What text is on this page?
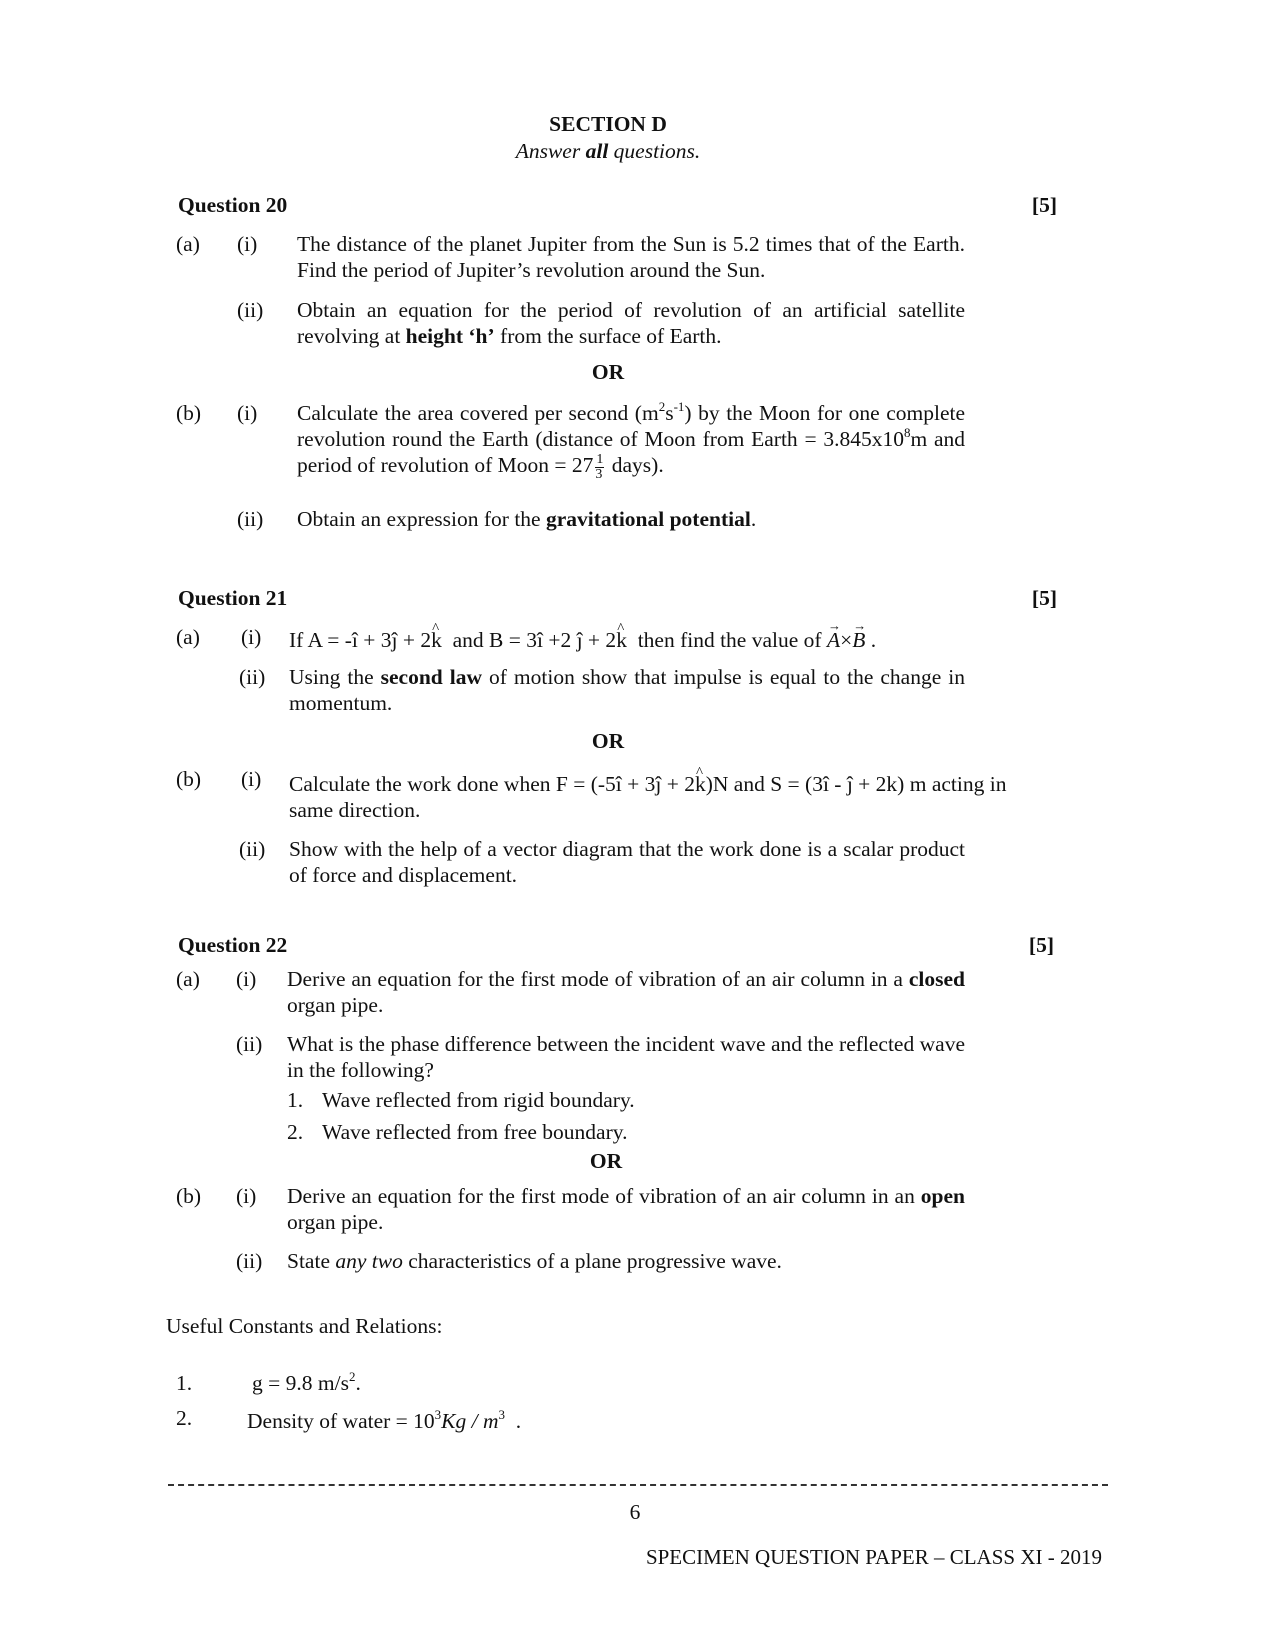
SECTION D
Answer all questions.
Question 20	[5]
(a) (i) The distance of the planet Jupiter from the Sun is 5.2 times that of the Earth. Find the period of Jupiter’s revolution around the Sun.
(ii) Obtain an equation for the period of revolution of an artificial satellite revolving at height ‘h’ from the surface of Earth.
OR
(b) (i) Calculate the area covered per second $(m^2s^{-1})$ by the Moon for one complete revolution round the Earth (distance of Moon from Earth = $3.845x10^8m$ and period of revolution of Moon = $27 \frac{1}{3}$ days).
(ii) Obtain an expression for the gravitational potential.
Question 21	[5]
(a) (i) If A = -î + 3ĵ + 2k ^  and B = 3î +2 ĵ + 2k ^  then find the value of A →×B → .
(ii) Using the second law of motion show that impulse is equal to the change in momentum.
OR
(b) (i) Calculate the work done when F = (-5î + 3ĵ + 2k ^)N and S = (3î - ĵ + 2k) m acting in same direction.
(ii) Show with the help of a vector diagram that the work done is a scalar product of force and displacement.
Question 22	[5]
(a) (i) Derive an equation for the first mode of vibration of an air column in a closed organ pipe.
(ii) What is the phase difference between the incident wave and the reflected wave in the following?
1. Wave reflected from rigid boundary.
2. Wave reflected from free boundary.
OR
(b) (i) Derive an equation for the first mode of vibration of an air column in an open organ pipe.
(ii) State any two characteristics of a plane progressive wave.
Useful Constants and Relations:
1.	g = 9.8 $m/s^2$.
2.	Density of water = $10^3Kg / m^3$  .
6
SPECIMEN QUESTION PAPER – CLASS XI - 2019
